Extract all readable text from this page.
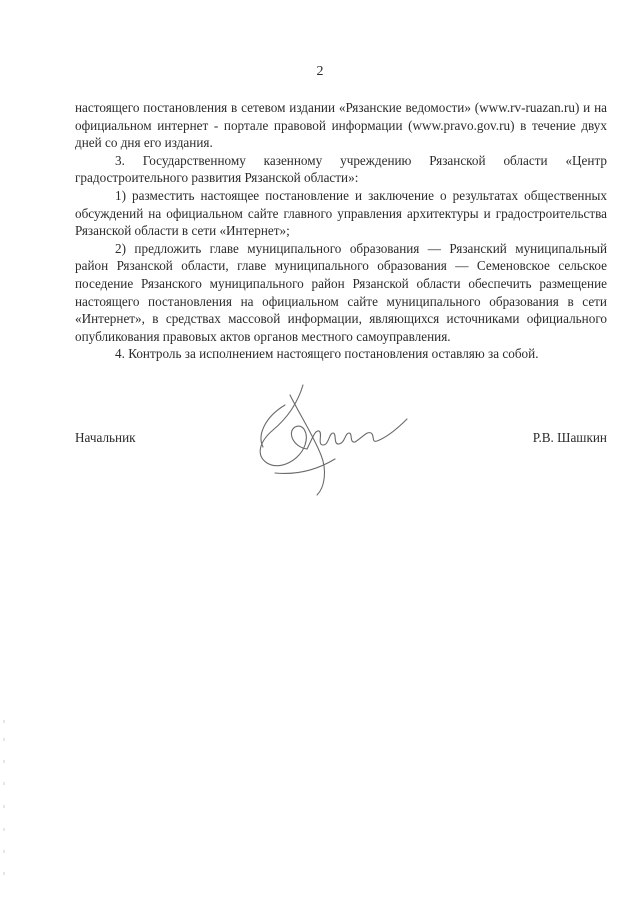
2

настоящего постановления в сетевом издании «Рязанские ведомости» (www.rv-ruazan.ru) и на официальном интернет - портале правовой информации (www.pravo.gov.ru) в течение двух дней со дня его издания.

3. Государственному казенному учреждению Рязанской области «Центр градостроительного развития Рязанской области»:

1) разместить настоящее постановление и заключение о результатах общественных обсуждений на официальном сайте главного управления архитектуры и градостроительства Рязанской области в сети «Интернет»;

2) предложить главе муниципального образования — Рязанский муниципальный район Рязанской области, главе муниципального образования — Семеновское сельское поседение Рязанского муниципального район Рязанской области обеспечить размещение настоящего постановления на официальном сайте муниципального образования в сети «Интернет», в средствах массовой информации, являющихся источниками официального опубликования правовых актов органов местного самоуправления.

4. Контроль за исполнением настоящего постановления оставляю за собой.

Начальник	Р.В. Шашкин
